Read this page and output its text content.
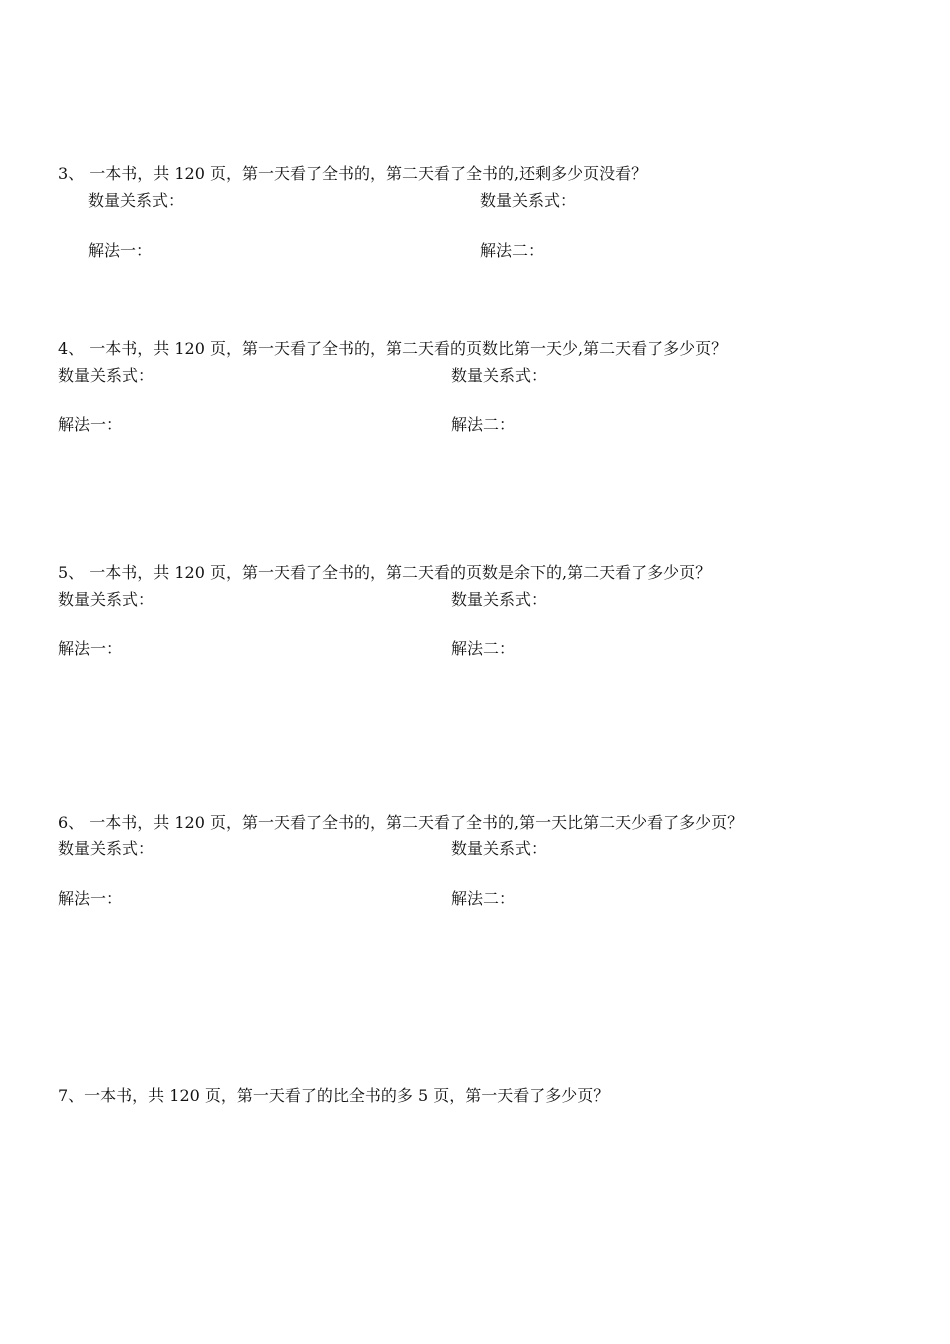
3、 一本书，共 120 页，第一天看了全书的，第二天看了全书的,还剩多少页没看？

数量关系式：	数量关系式：

解法一：	解法二：

4、 一本书，共 120 页，第一天看了全书的，第二天看的页数比第一天少,第二天看了多少页？

数量关系式：	数量关系式：

解法一：	解法二：

5、 一本书，共 120 页，第一天看了全书的，第二天看的页数是余下的,第二天看了多少页？

数量关系式：	数量关系式：

解法一：	解法二：

6、 一本书，共 120 页，第一天看了全书的，第二天看了全书的,第一天比第二天少看了多少页？

数量关系式：	数量关系式：

解法一：	解法二：

7、一本书，共 120 页，第一天看了的比全书的多 5 页，第一天看了多少页？
